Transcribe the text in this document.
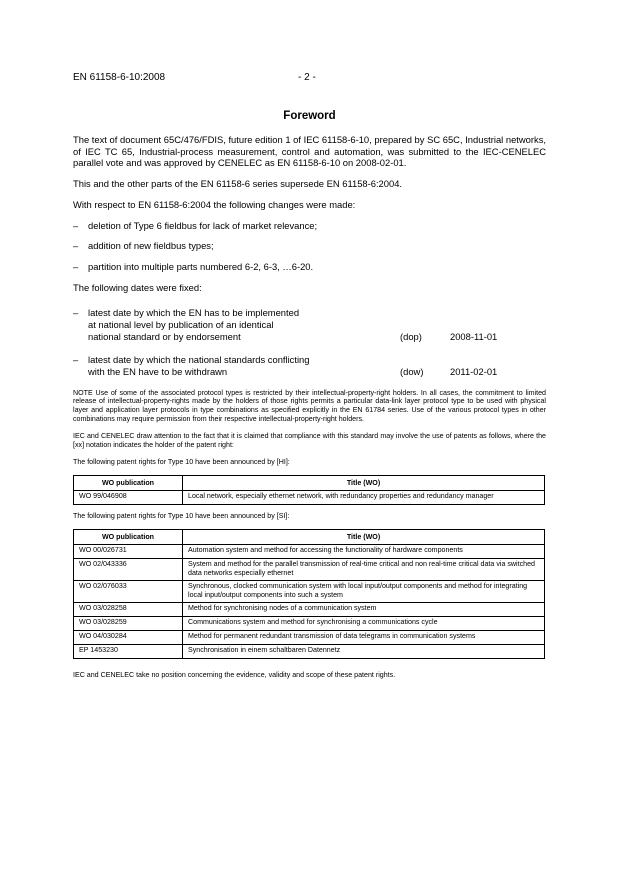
EN 61158-6-10:2008	- 2 -
Foreword

The text of document 65C/476/FDIS, future edition 1 of IEC 61158-6-10, prepared by SC 65C, Industrial networks, of IEC TC 65, Industrial-process measurement, control and automation, was submitted to the IEC-CENELEC parallel vote and was approved by CENELEC as EN 61158-6-10 on 2008-02-01.

This and the other parts of the EN 61158-6 series supersede EN 61158-6:2004.

With respect to EN 61158-6:2004 the following changes were made:

– deletion of Type 6 fieldbus for lack of market relevance;
– addition of new fieldbus types;
– partition into multiple parts numbered 6-2, 6-3, …6-20.

The following dates were fixed:

– latest date by which the EN has to be implemented
at national level by publication of an identical
national standard or by endorsement	(dop)	2008-11-01
– latest date by which the national standards conflicting
with the EN have to be withdrawn	(dow)	2011-02-01

NOTE Use of some of the associated protocol types is restricted by their intellectual-property-right holders. In all cases, the commitment to limited release of intellectual-property-rights made by the holders of those rights permits a particular data-link layer protocol type to be used with physical layer and application layer protocols in type combinations as specified explicitly in the EN 61784 series. Use of the various protocol types in other combinations may require permission from their respective intellectual-property-right holders.

IEC and CENELEC draw attention to the fact that it is claimed that compliance with this standard may involve the use of patents as follows, where the [xx] notation indicates the holder of the patent right:

The following patent rights for Type 10 have been announced by [HI]:

WO publication	Title (WO)
WO 99/046908	Local network, especially ethernet network, with redundancy properties and redundancy manager

The following patent rights for Type 10 have been announced by [SI]:

WO publication	Title (WO)
WO 00/026731	Automation system and method for accessing the functionality of hardware components
WO 02/043336	System and method for the parallel transmission of real-time critical and non real-time critical data via switched data networks especially ethernet
WO 02/076033	Synchronous, clocked communication system with local input/output components and method for integrating local input/output components into such a system
WO 03/028258	Method for synchronising nodes of a communication system
WO 03/028259	Communications system and method for synchronising a communications cycle
WO 04/030284	Method for permanent redundant transmission of data telegrams in communication systems
EP 1453230	Synchronisation in einem schaltbaren Datennetz

IEC and CENELEC take no position concerning the evidence, validity and scope of these patent rights.
